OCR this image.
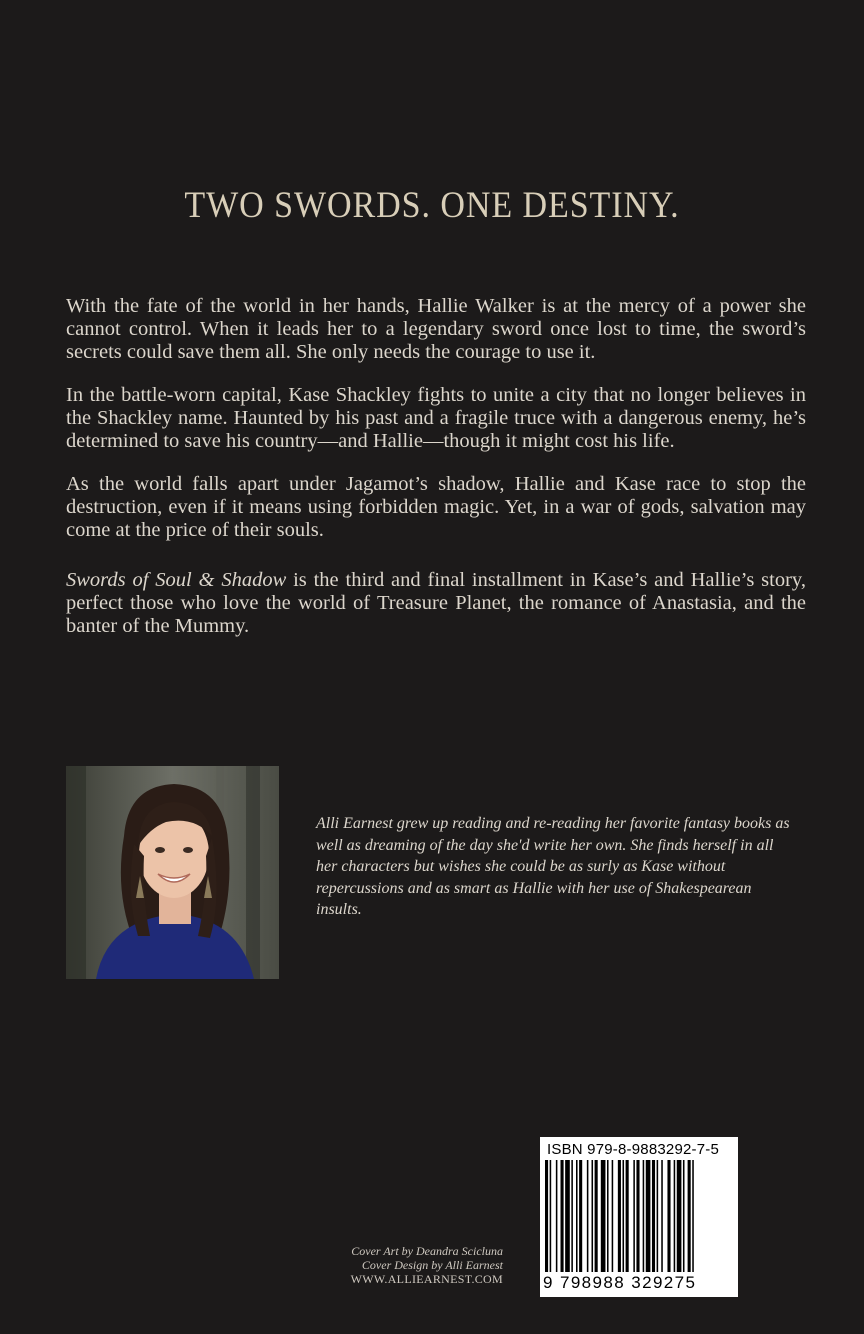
TWO SWORDS. ONE DESTINY.

With the fate of the world in her hands, Hallie Walker is at the mercy of a power she cannot control. When it leads her to a legendary sword once lost to time, the sword’s secrets could save them all. She only needs the courage to use it.

In the battle-worn capital, Kase Shackley fights to unite a city that no longer believes in the Shackley name. Haunted by his past and a fragile truce with a dangerous enemy, he’s determined to save his country—and Hallie—though it might cost his life.

As the world falls apart under Jagamot’s shadow, Hallie and Kase race to stop the destruction, even if it means using forbidden magic. Yet, in a war of gods, salvation may come at the price of their souls.

Swords of Soul & Shadow is the third and final installment in Kase’s and Hallie’s story, perfect those who love the world of Treasure Planet, the romance of Anastasia, and the banter of the Mummy.

Alli Earnest grew up reading and re-reading her favorite fantasy books as well as dreaming of the day she'd write her own. She finds herself in all her characters but wishes she could be as surly as Kase without repercussions and as smart as Hallie with her use of Shakespearean insults.
Cover Art by Deandra Scicluna
Cover Design by Alli Earnest
WWW.ALLIEARNEST.COM
ISBN 979-8-9883292-7-5
9 798988 329275
